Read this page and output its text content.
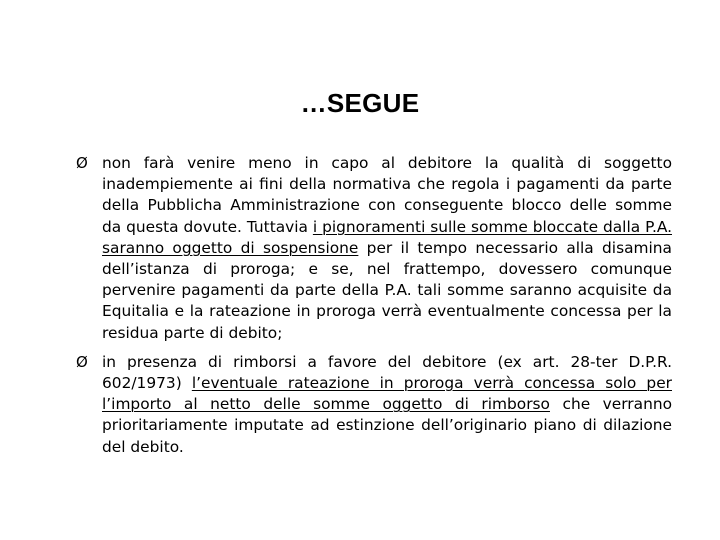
…SEGUE
Ø non farà venire meno in capo al debitore la qualità di soggetto inadempiemente ai fini della normativa che regola i pagamenti da parte della Pubblicha Amministrazione con conseguente blocco delle somme da questa dovute. Tuttavia i pignoramenti sulle somme bloccate dalla P.A. saranno oggetto di sospensione per il tempo necessario alla disamina dell’istanza di proroga; e se, nel frattempo, dovessero comunque pervenire pagamenti da parte della P.A. tali somme saranno acquisite da Equitalia e la rateazione in proroga verrà eventualmente concessa per la residua parte di debito;
Ø in presenza di rimborsi a favore del debitore (ex art. 28-ter D.P.R. 602/1973) l’eventuale rateazione in proroga verrà concessa solo per l’importo al netto delle somme oggetto di rimborso che verranno prioritariamente imputate ad estinzione dell’originario piano di dilazione del debito.
